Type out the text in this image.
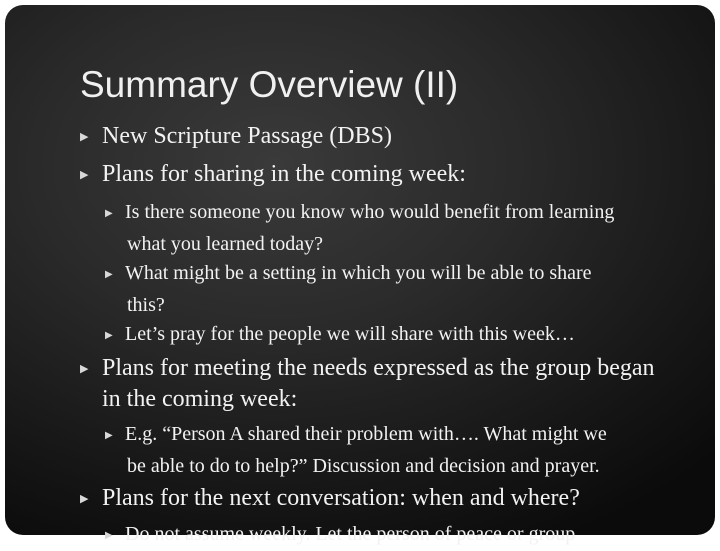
Summary Overview (II)

▶ New Scripture Passage (DBS)

▶ Plans for sharing in the coming week:

▶ Is there someone you know who would benefit from learning
what you learned today?

▶ What might be a setting in which you will be able to share
this?

▶ Let’s pray for the people we will share with this week…

▶ Plans for meeting the needs expressed as the group began
in the coming week:

▶ E.g. “Person A shared their problem with…. What might we
be able to do to help?” Discussion and decision and prayer.

▶ Plans for the next conversation: when and where?

▶ Do not assume weekly. Let the person of peace or group
